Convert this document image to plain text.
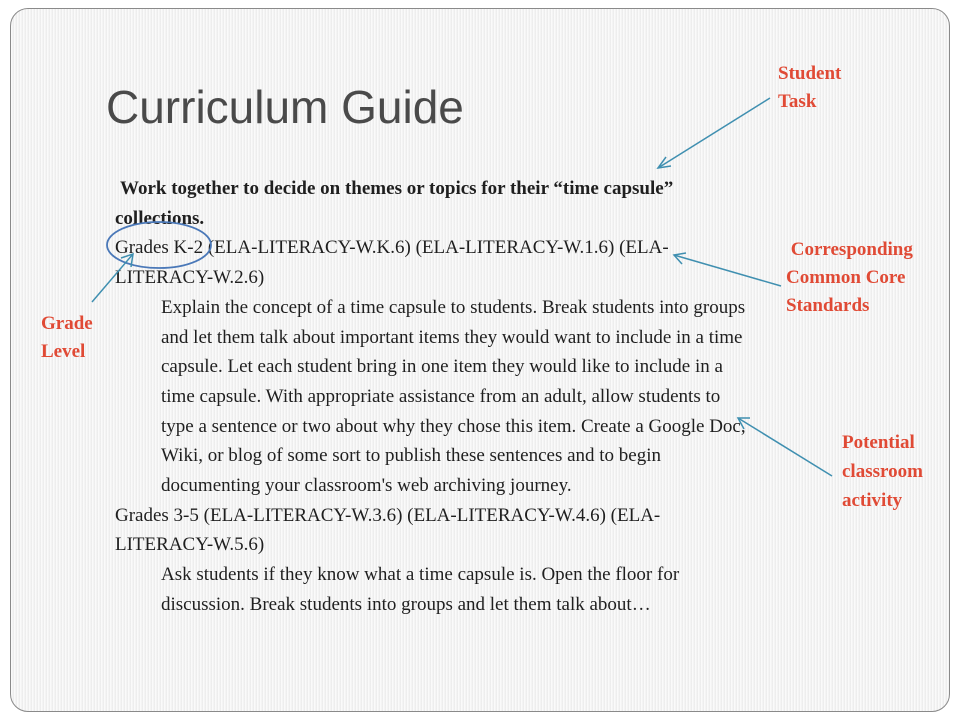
Curriculum Guide

Work together to decide on themes or topics for their “time capsule” collections.

Grades K-2 (ELA-LITERACY-W.K.6) (ELA-LITERACY-W.1.6) (ELA-LITERACY-W.2.6)

Explain the concept of a time capsule to students. Break students into groups and let them talk about important items they would want to include in a time capsule. Let each student bring in one item they would like to include in a time capsule. With appropriate assistance from an adult, allow students to type a sentence or two about why they chose this item. Create a Google Doc, Wiki, or blog of some sort to publish these sentences and to begin documenting your classroom's web archiving journey.

Grades 3-5 (ELA-LITERACY-W.3.6) (ELA-LITERACY-W.4.6) (ELA-LITERACY-W.5.6)

Ask students if they know what a time capsule is. Open the floor for discussion. Break students into groups and let them talk about…

Student
Task
Corresponding
Common Core
Standards
Grade
Level
Potential
classroom
activity
